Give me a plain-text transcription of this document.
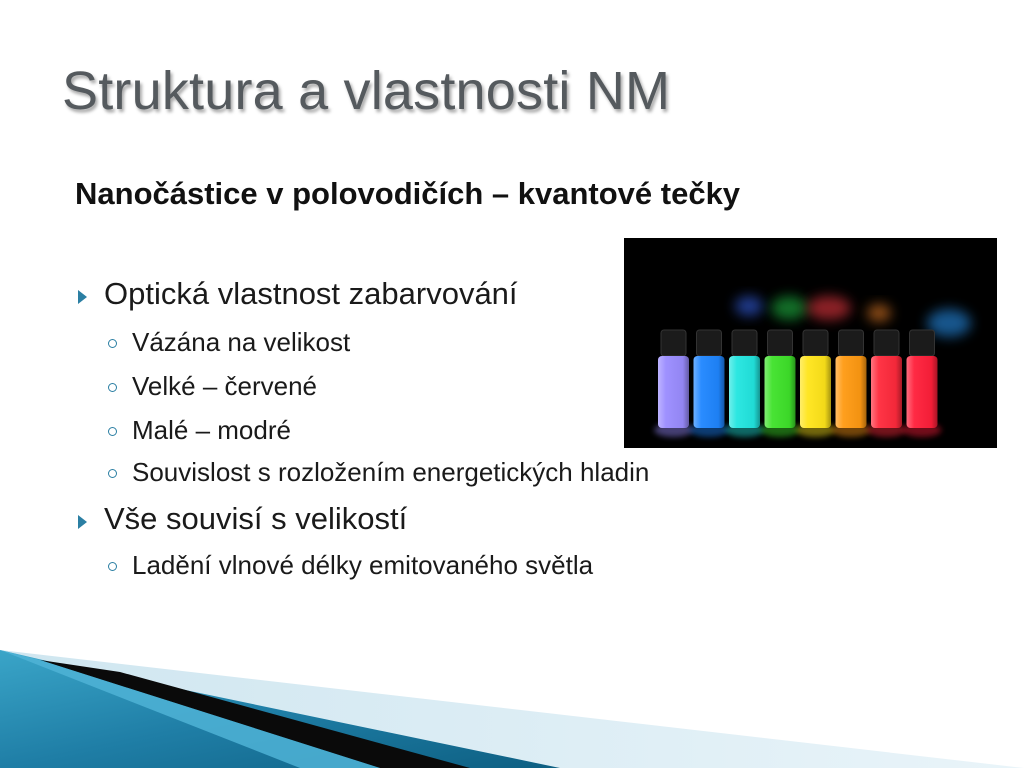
Struktura a vlastnosti NM
Nanočástice v polovodičích – kvantové tečky
Optická vlastnost zabarvování
Vázána na velikost
Velké – červené
Malé – modré
Souvislost s rozložením energetických hladin
Vše souvisí s velikostí
Ladění vlnové délky emitovaného světla
